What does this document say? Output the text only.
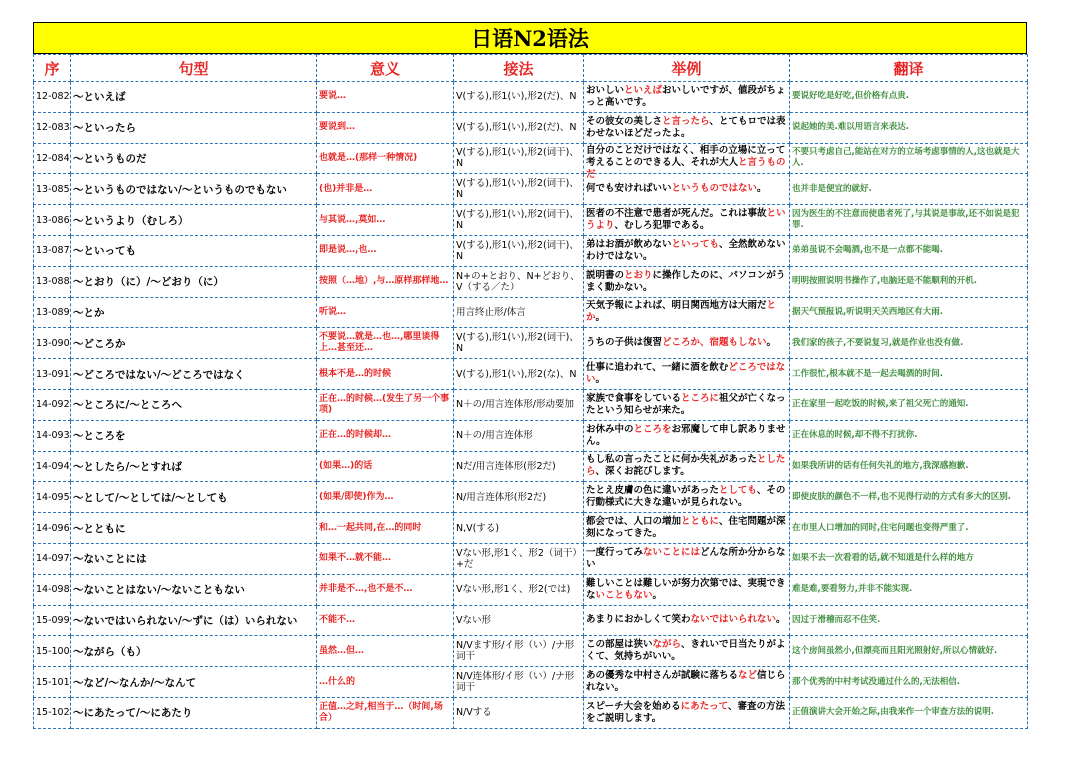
日语N2语法
序	句型	意义	接法	举例	翻译

12-082	～といえば	要说…	V(する),形1(い),形2(だ)、N	おいしいといえばおいしいですが、値段がちょっと高いです。	要说好吃是好吃,但价格有点贵.

12-083	～といったら	要说到…	V(する),形1(い),形2(だ)、N	その彼女の美しさと言ったら、とてもロでは表わせないほどだったよ。	说起她的美.难以用语言来表达.

12-084	～というものだ	也就是…(那样一种情况)	V(する),形1(い),形2(词干)、N	自分のことだけではなく、相手の立場に立って考えることのできる人、それが大人と言うものだ	不要只考虑自己,能站在对方的立场考虑事情的人,这也就是大人.

13-085	～というものではない/～というものでもない	(也)并非是…	V(する),形1(い),形2(词干)、N	何でも安ければいいというものではない。	也并非是便宜的就好.

13-086	～というより（むしろ）	与其说…,莫如…	V(する),形1(い),形2(词干)、N	医者の不注意で患者が死んだ。これは事故というより、むしろ犯罪である。	因为医生的不注意而使患者死了,与其说是事故,还不如说是犯罪.

13-087	～といっても	即是说…,也…	V(する),形1(い),形2(词干)、N	弟はお酒が飲めないといっても、全然飲めないわけではない。	弟弟虽说不会喝酒,也不是一点都不能喝.

13-088	～とおり（に）/～どおり（に）	按照（…地）,与…原样那样地…	N+の+とおり、N+どおり、V（する／た）	説明書のとおりに操作したのに、パソコンがうまく動かない。	明明按照说明书操作了,电脑还是不能顺利的开机.

13-089	～とか	听说…	用言终止形/体言	天気予報によれば、明日関西地方は大雨だとか。	据天气预报说,听说明天关西地区有大雨.

13-090	～どころか	不要说…就是…也…,哪里谈得上…甚至还…	V(する),形1(い),形2(词干)、N	うちの子供は復習どころか、宿題もしない。	我们家的孩子,不要说复习,就是作业也没有做.

13-091	～どころではない/～どころではなく	根本不是…的时候	V(する),形1(い),形2(な)、N	仕事に追われて、一緒に酒を飲むどころではない。	工作很忙,根本就不是一起去喝酒的时间.

14-092	～ところに/～ところへ	正在…的时候…(发生了另一个事项)	N＋の/用言连体形/形动要加	家族で食事をしているところに祖父が亡くなったという知らせが来た。	正在家里一起吃饭的时候,来了祖父死亡的通知.

14-093	～ところを	正在…的时候却…	N＋の/用言连体形	お休み中のところをお邪魔して申し訳ありません。	正在休息的时候,却不得不打扰你.

14-094	～としたら/～とすれば	(如果…)的话	Nだ/用言连体形(形2だ)	もし私の言ったことに何か失礼があったとしたら、深くお詫びします。	如果我所讲的话有任何失礼的地方,我深感抱歉.

14-095	～として/～としては/～としても	(如果/即使)作为…	N/用言连体形(形2だ)	たとえ皮膚の色に違いがあったとしても、その行動様式に大きな違いが見られない。	即使皮肤的颜色不一样,也不见得行动的方式有多大的区别.

14-096	～とともに	和…一起共同,在…的同时	N,V(する)	都会では、人口の増加とともに、住宅問題が深刻になってきた。	在市里人口增加的同时,住宅问题也变得严重了.

14-097	～ないことには	如果不…就不能…	Vない形,形1く、形2（词干）+だ	一度行ってみないことにはどんな所か分からない	如果不去一次看看的话,就不知道是什么样的地方

14-098	～ないことはない/～ないこともない	并非是不…,也不是不…	Vない形,形1く、形2(では)	難しいことは難しいが努力次第では、実現できないこともない。	难是难,要看努力,并非不能实现.

15-099	～ないではいられない/～ずに（は）いられない	不能不…	Vない形	あまりにおかしくて笑わないではいられない。	因过于滑稽而忍不住笑.

15-100	～ながら（も）	虽然…但…	N/Vます形/イ形（い）/ナ形词干	この部屋は狭いながら、きれいで日当たりがよくて、気持ちがいい。	这个房间虽然小,但漂亮而且阳光照射好,所以心情就好.

15-101	～など/～なんか/～なんて	…什么的	N/V连体形/イ形（い）/ナ形词干	あの優秀な中村さんが試験に落ちるなど信じられない。	那个优秀的中村考试没通过什么的,无法相信.

15-102	～にあたって/～にあたり	正值…之时,相当于…（时间,场合）	N/Vする	スピーチ大会を始めるにあたって、審査の方法をご説明します。	正值演讲大会开始之际,由我来作一个审查方法的说明.
